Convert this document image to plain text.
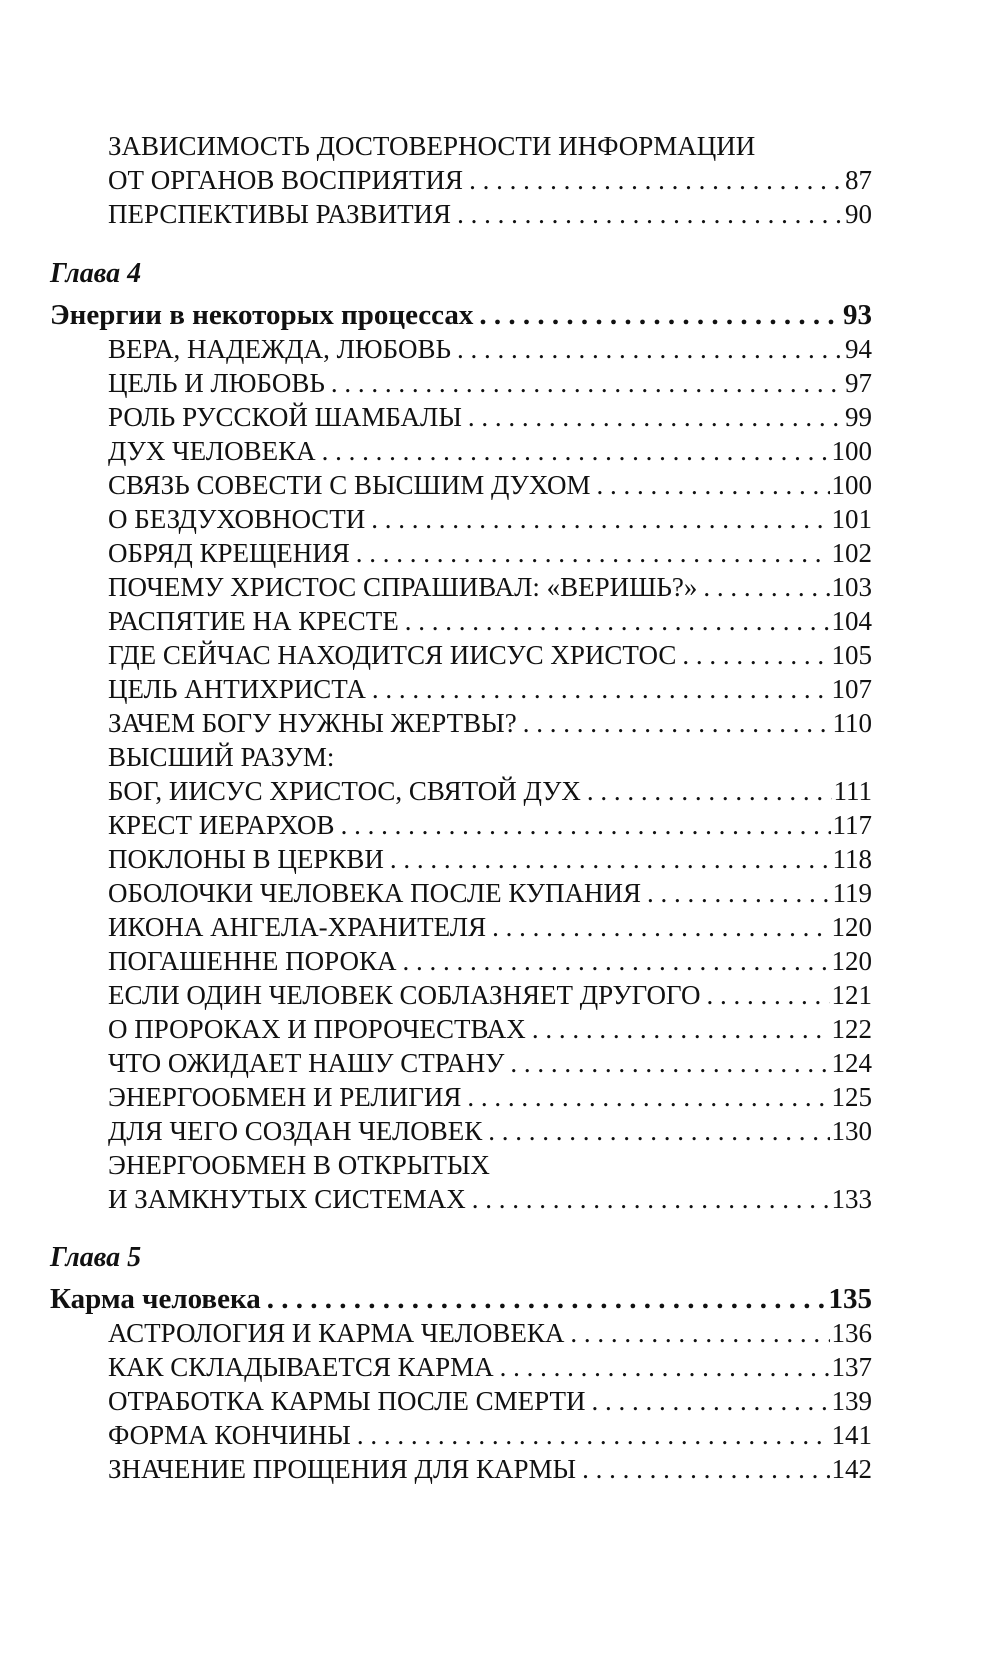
ЗАВИСИМОСТЬ ДОСТОВЕРНОСТИ ИНФОРМАЦИИ
ОТ ОРГАНОВ ВОСПРИЯТИЯ . . .	87
ПЕРСПЕКТИВЫ РАЗВИТИЯ . . .	90
Глава 4
Энергии в некоторых процессах . . .	93
ВЕРА, НАДЕЖДА, ЛЮБОВЬ . . .	94
ЦЕЛЬ И ЛЮБОВЬ . . .	97
РОЛЬ РУССКОЙ ШАМБАЛЫ . . .	99
ДУХ ЧЕЛОВЕКА . . .	100
СВЯЗЬ СОВЕСТИ С ВЫСШИМ ДУХОМ . . .	100
О БЕЗДУХОВНОСТИ . . .	101
ОБРЯД КРЕЩЕНИЯ . . .	102
ПОЧЕМУ ХРИСТОС СПРАШИВАЛ: «ВЕРИШЬ?» . . .	103
РАСПЯТИЕ НА КРЕСТЕ . . .	104
ГДЕ СЕЙЧАС НАХОДИТСЯ ИИСУС ХРИСТОС . . .	105
ЦЕЛЬ АНТИХРИСТА . . .	107
ЗАЧЕМ БОГУ НУЖНЫ ЖЕРТВЫ? . . .	110
ВЫСШИЙ РАЗУМ:
БОГ, ИИСУС ХРИСТОС, СВЯТОЙ ДУХ . . .	111
КРЕСТ ИЕРАРХОВ . . .	117
ПОКЛОНЫ В ЦЕРКВИ . . .	118
ОБОЛОЧКИ ЧЕЛОВЕКА ПОСЛЕ КУПАНИЯ . . .	119
ИКОНА АНГЕЛА-ХРАНИТЕЛЯ . . .	120
ПОГАШЕННЕ ПОРОКА . . .	120
ЕСЛИ ОДИН ЧЕЛОВЕК СОБЛАЗНЯЕТ ДРУГОГО . . .	121
О ПРОРОКАХ И ПРОРОЧЕСТВАХ . . .	122
ЧТО ОЖИДАЕТ НАШУ СТРАНУ . . .	124
ЭНЕРГООБМЕН И РЕЛИГИЯ . . .	125
ДЛЯ ЧЕГО СОЗДАН ЧЕЛОВЕК . . .	130
ЭНЕРГООБМЕН В ОТКРЫТЫХ
И ЗАМКНУТЫХ СИСТЕМАХ . . .	133
Глава 5
Карма человека . . .	135
АСТРОЛОГИЯ И КАРМА ЧЕЛОВЕКА . . .	136
КАК СКЛАДЫВАЕТСЯ КАРМА . . .	137
ОТРАБОТКА КАРМЫ ПОСЛЕ СМЕРТИ . . .	139
ФОРМА КОНЧИНЫ . . .	141
ЗНАЧЕНИЕ ПРОЩЕНИЯ ДЛЯ КАРМЫ . . .	142
